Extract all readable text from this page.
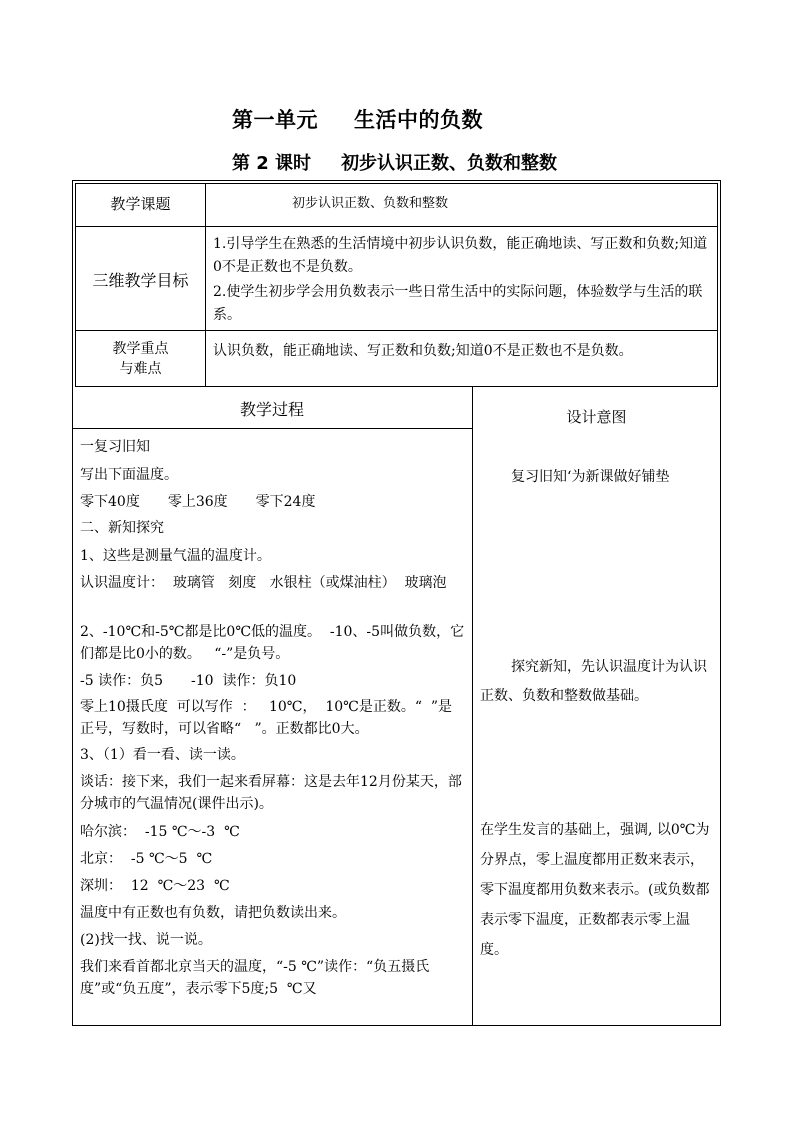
第一单元 生活中的负数
第 2 课时 初步认识正数、负数和整数
教学课题	初步认识正数、负数和整数
三维教学目标
1.引导学生在熟悉的生活情境中初步认识负数，能正确地读、写正数和负数;知道0不是正数也不是负数。
2.使学生初步学会用负数表示一些日常生活中的实际问题，体验数学与生活的联系。
教学重点
与难点
认识负数，能正确地读、写正数和负数;知道0不是正数也不是负数。
教学过程	设计意图
一复习旧知
写出下面温度。
零下40度　　零上36度　　零下24度
二、新知探究
1、这些是测量气温的温度计。
认识温度计：  玻璃管   刻度   水银柱（或煤油柱）  玻璃泡
2、-10℃和-5℃都是比0℃低的温度。  -10、-5叫做负数，它们都是比0小的数。   “-”是负号。
-5 读作：负5　　-10  读作：负10
零上10摄氏度  可以写作  ：   10℃，  10℃是正数。“  ”是正号，写数时，可以省略“   ”。正数都比0大。
3、（1）看一看、读一读。
谈话：接下来，我们一起来看屏幕：这是去年12月份某天，部分城市的气温情况(课件出示)。
哈尔滨：  -15 ℃～-3  ℃
北京：  -5 ℃～5  ℃
深圳：  12  ℃～23  ℃
温度中有正数也有负数，请把负数读出来。
(2)找一找、说一说。
我们来看首都北京当天的温度，“-5 ℃”读作：“负五摄氏度”或“负五度”，表示零下5度;5  ℃又
复习旧知‘为新课做好铺垫
探究新知，先认识温度计为认识正数、负数和整数做基础。
在学生发言的基础上，强调, 以0℃为分界点，零上温度都用正数来表示，零下温度都用负数来表示。(或负数都表示零下温度，正数都表示零上温度。
